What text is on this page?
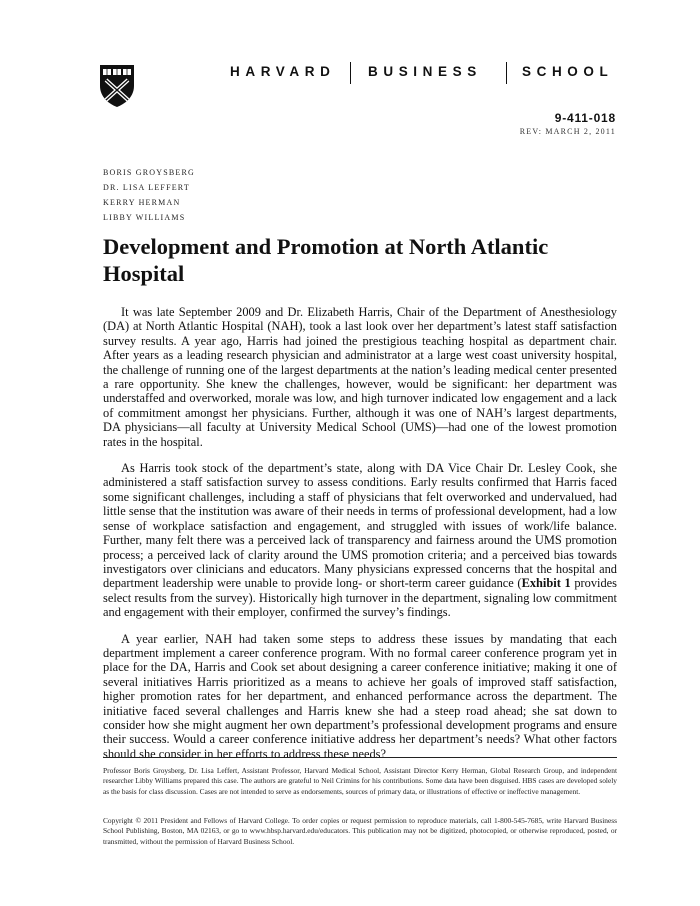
HARVARD BUSINESS	SCHOOL
9-411-018
REV: MARCH 2, 2011
BORIS GROYSBERG
DR. LISA LEFFERT
KERRY HERMAN
LIBBY WILLIAMS
Development and Promotion at North Atlantic Hospital

It was late September 2009 and Dr. Elizabeth Harris, Chair of the Department of Anesthesiology (DA) at North Atlantic Hospital (NAH), took a last look over her department’s latest staff satisfaction survey results. A year ago, Harris had joined the prestigious teaching hospital as department chair. After years as a leading research physician and administrator at a large west coast university hospital, the challenge of running one of the largest departments at the nation’s leading medical center presented a rare opportunity. She knew the challenges, however, would be significant: her department was understaffed and overworked, morale was low, and high turnover indicated low engagement and a lack of commitment amongst her physicians. Further, although it was one of NAH’s largest departments, DA physicians—all faculty at University Medical School (UMS)—had one of the lowest promotion rates in the hospital.

As Harris took stock of the department’s state, along with DA Vice Chair Dr. Lesley Cook, she administered a staff satisfaction survey to assess conditions. Early results confirmed that Harris faced some significant challenges, including a staff of physicians that felt overworked and undervalued, had little sense that the institution was aware of their needs in terms of professional development, had a low sense of workplace satisfaction and engagement, and struggled with issues of work/life balance. Further, many felt there was a perceived lack of transparency and fairness around the UMS promotion process; a perceived lack of clarity around the UMS promotion criteria; and a perceived bias towards investigators over clinicians and educators. Many physicians expressed concerns that the hospital and department leadership were unable to provide long- or short-term career guidance (Exhibit 1 provides select results from the survey). Historically high turnover in the department, signaling low commitment and engagement with their employer, confirmed the survey’s findings.

A year earlier, NAH had taken some steps to address these issues by mandating that each department implement a career conference program. With no formal career conference program yet in place for the DA, Harris and Cook set about designing a career conference initiative; making it one of several initiatives Harris prioritized as a means to achieve her goals of improved staff satisfaction, higher promotion rates for her department, and enhanced performance across the department. The initiative faced several challenges and Harris knew she had a steep road ahead; she sat down to consider how she might augment her own department’s professional development programs and ensure their success. Would a career conference initiative address her department’s needs? What other factors should she consider in her efforts to address these needs?

Professor Boris Groysberg, Dr. Lisa Leffert, Assistant Professor, Harvard Medical School, Assistant Director Kerry Herman, Global Research Group, and independent researcher Libby Williams prepared this case. The authors are grateful to Neil Crimins for his contributions. Some data have been disguised. HBS cases are developed solely as the basis for class discussion. Cases are not intended to serve as endorsements, sources of primary data, or illustrations of effective or ineffective management.

Copyright © 2011 President and Fellows of Harvard College. To order copies or request permission to reproduce materials, call 1-800-545-7685, write Harvard Business School Publishing, Boston, MA 02163, or go to www.hbsp.harvard.edu/educators. This publication may not be digitized, photocopied, or otherwise reproduced, posted, or transmitted, without the permission of Harvard Business School.
